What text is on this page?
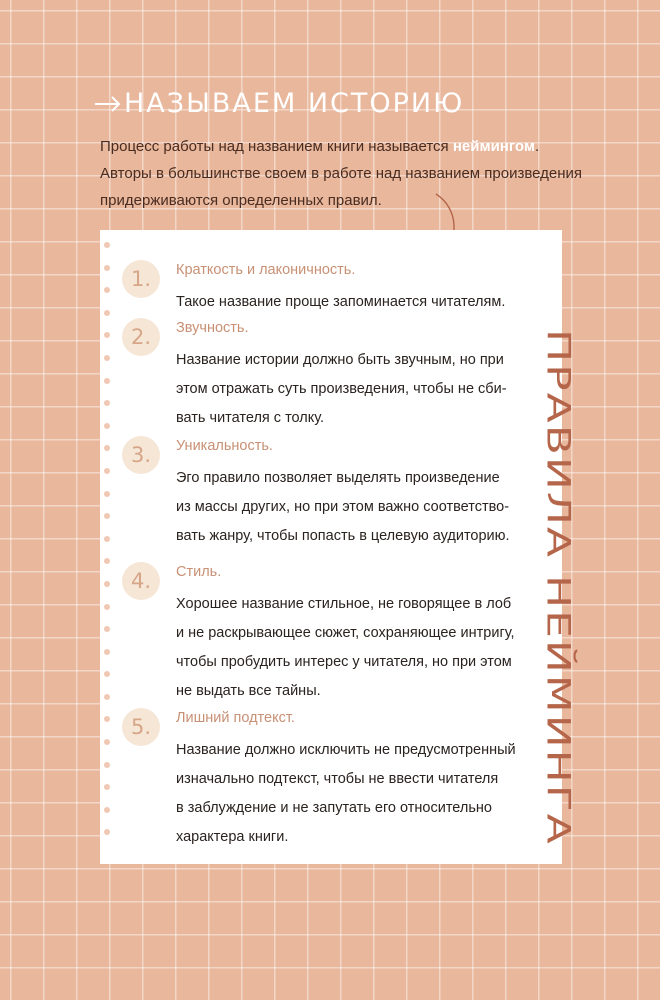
НАЗЫВАЕМ ИСТОРИЮ
Процесс работы над названием книги называется неймингом.
Авторы в большинстве своем в работе над названием произведения
придерживаются определенных правил.
1.	Краткость и лаконичность.
Такое название проще запоминается читателям.
2.	Звучность.
Название истории должно быть звучным, но при
этом отражать суть произведения, чтобы не сби-
вать читателя с толку.
3.	Уникальность.
Эго правило позволяет выделять произведение
из массы других, но при этом важно соответство-
вать жанру, чтобы попасть в целевую аудиторию.
4.	Стиль.
Хорошее название стильное, не говорящее в лоб
и не раскрывающее сюжет, сохраняющее интригу,
чтобы пробудить интерес у читателя, но при этом
не выдать все тайны.
5.	Лишний подтекст.
Название должно исключить не предусмотренный
изначально подтекст, чтобы не ввести читателя
в заблуждение и не запутать его относительно
характера книги.	ПРАВИЛА НЕЙМИНГА
